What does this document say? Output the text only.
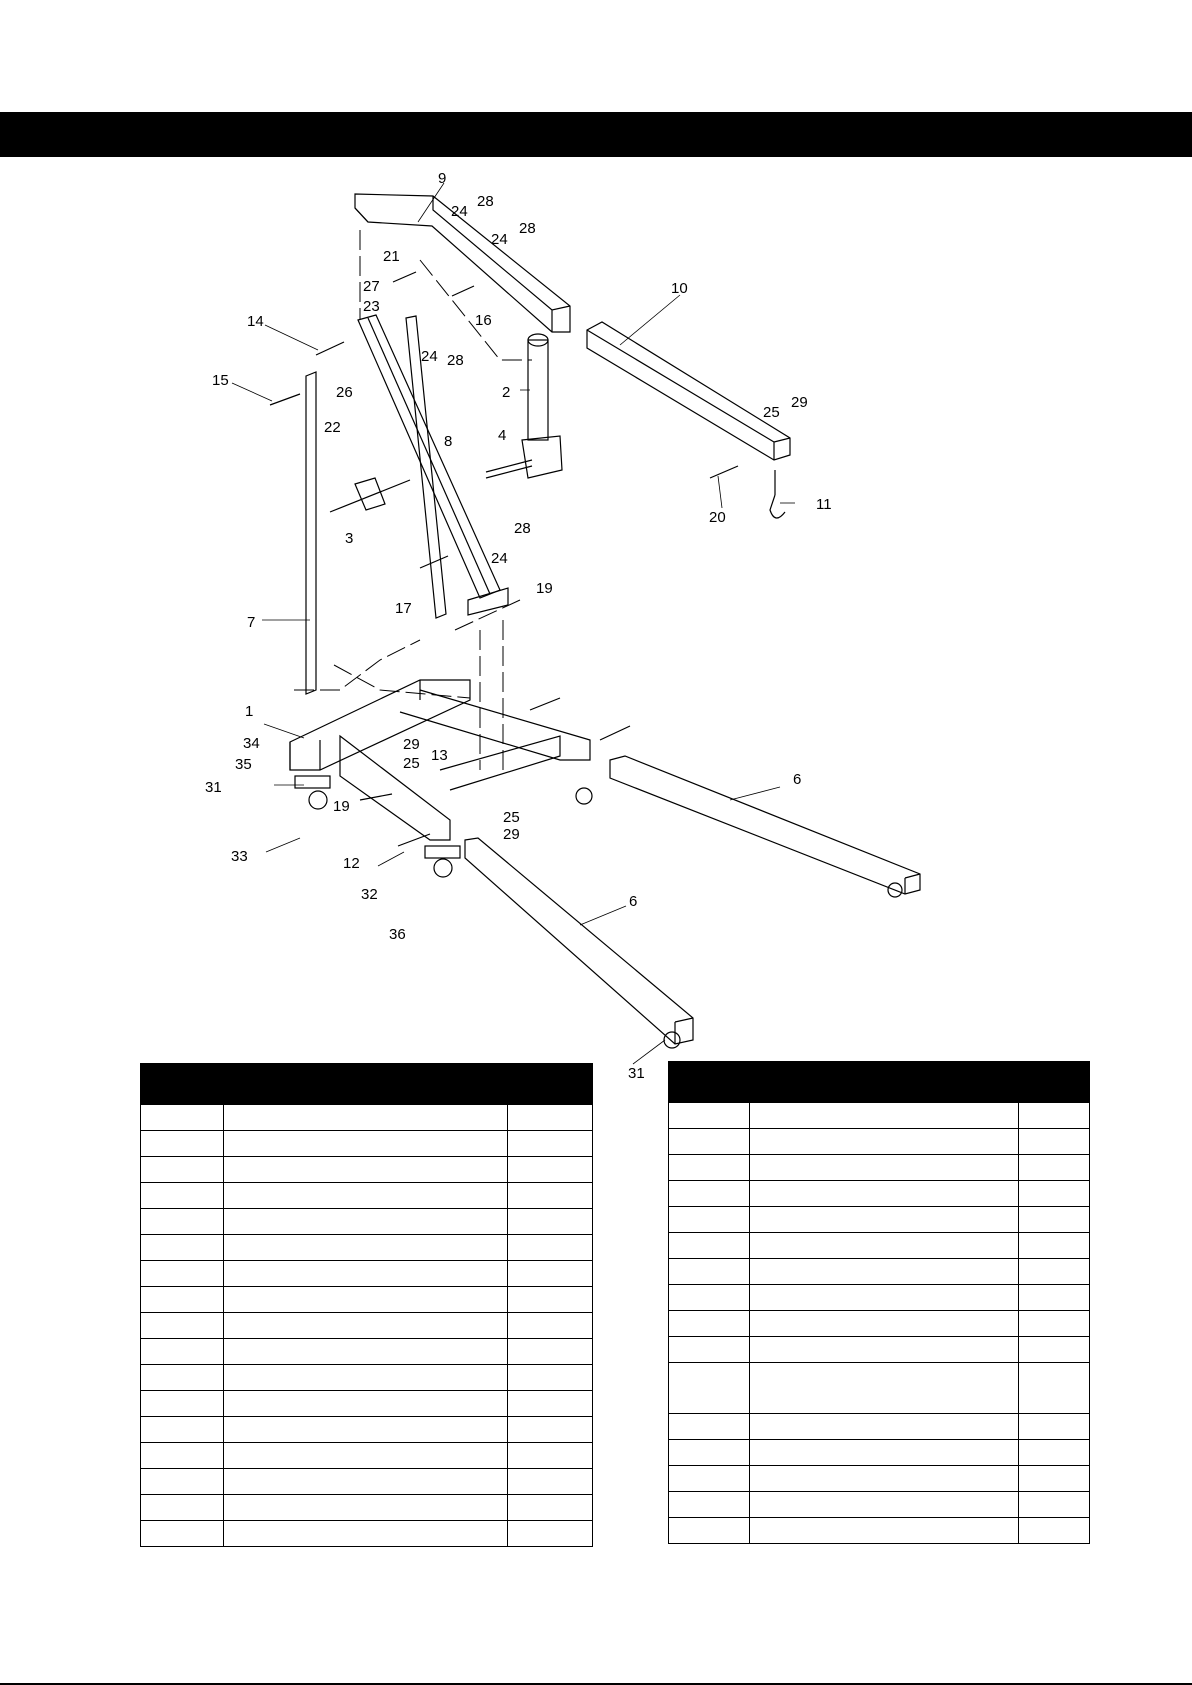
1
2
3
4
6
6
7
8
9
10
11
12
13
14
15
16
17
19
19
20
21
22
23
24
24
24
24
25
25
25
26
27
28
28
28
28
29
29
29
31
31
32
33
34
35
36
